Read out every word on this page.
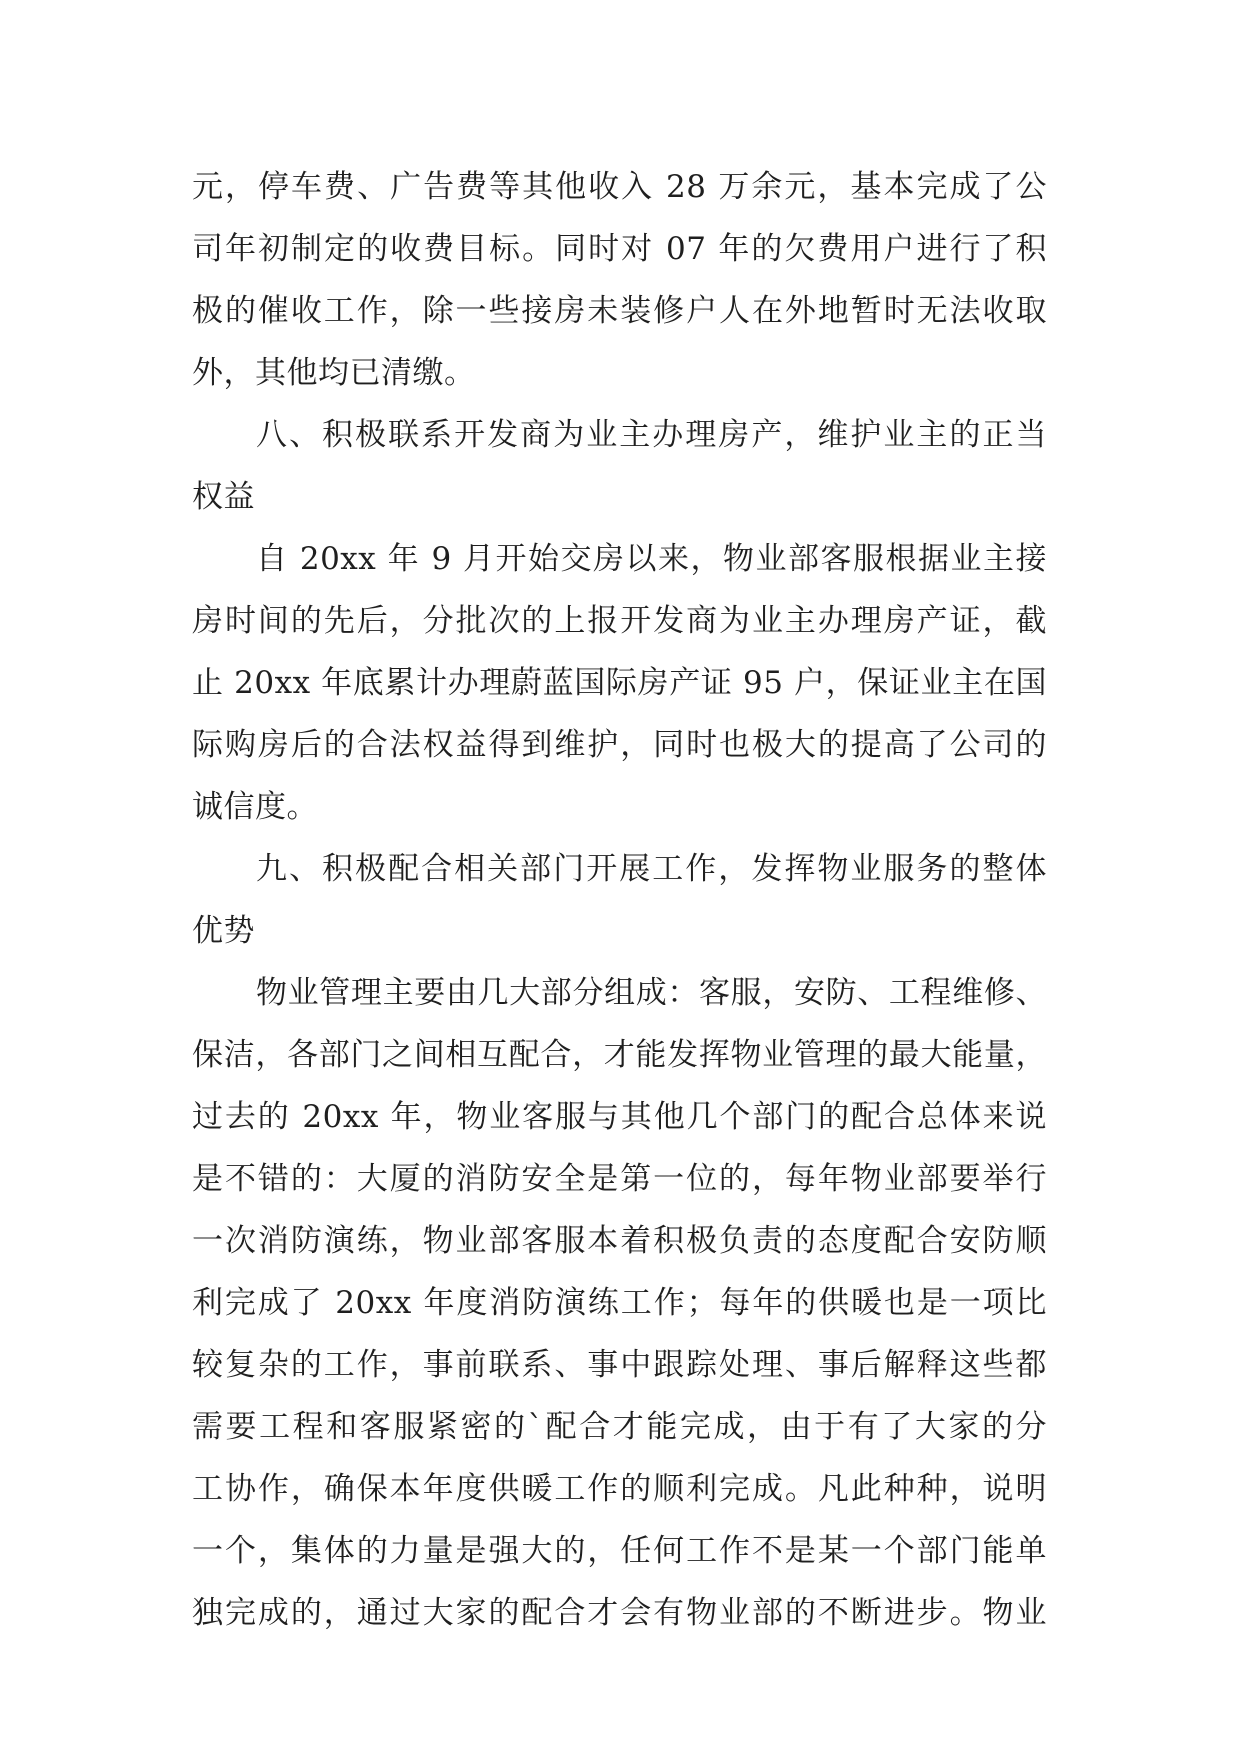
元，停车费、广告费等其他收入 28 万余元，基本完成了公
司年初制定的收费目标。同时对 07 年的欠费用户进行了积
极的催收工作，除一些接房未装修户人在外地暂时无法收取
外，其他均已清缴。
八、积极联系开发商为业主办理房产，维护业主的正当
权益
自 20xx 年 9 月开始交房以来，物业部客服根据业主接
房时间的先后，分批次的上报开发商为业主办理房产证，截
止 20xx 年底累计办理蔚蓝国际房产证 95 户，保证业主在国
际购房后的合法权益得到维护，同时也极大的提高了公司的
诚信度。
九、积极配合相关部门开展工作，发挥物业服务的整体
优势
物业管理主要由几大部分组成：客服，安防、工程维修、
保洁，各部门之间相互配合，才能发挥物业管理的最大能量，
过去的 20xx 年，物业客服与其他几个部门的配合总体来说
是不错的：大厦的消防安全是第一位的，每年物业部要举行
一次消防演练，物业部客服本着积极负责的态度配合安防顺
利完成了 20xx 年度消防演练工作；每年的供暖也是一项比
较复杂的工作，事前联系、事中跟踪处理、事后解释这些都
需要工程和客服紧密的`配合才能完成，由于有了大家的分
工协作，确保本年度供暖工作的顺利完成。凡此种种，说明
一个，集体的力量是强大的，任何工作不是某一个部门能单
独完成的，通过大家的配合才会有物业部的不断进步。物业
